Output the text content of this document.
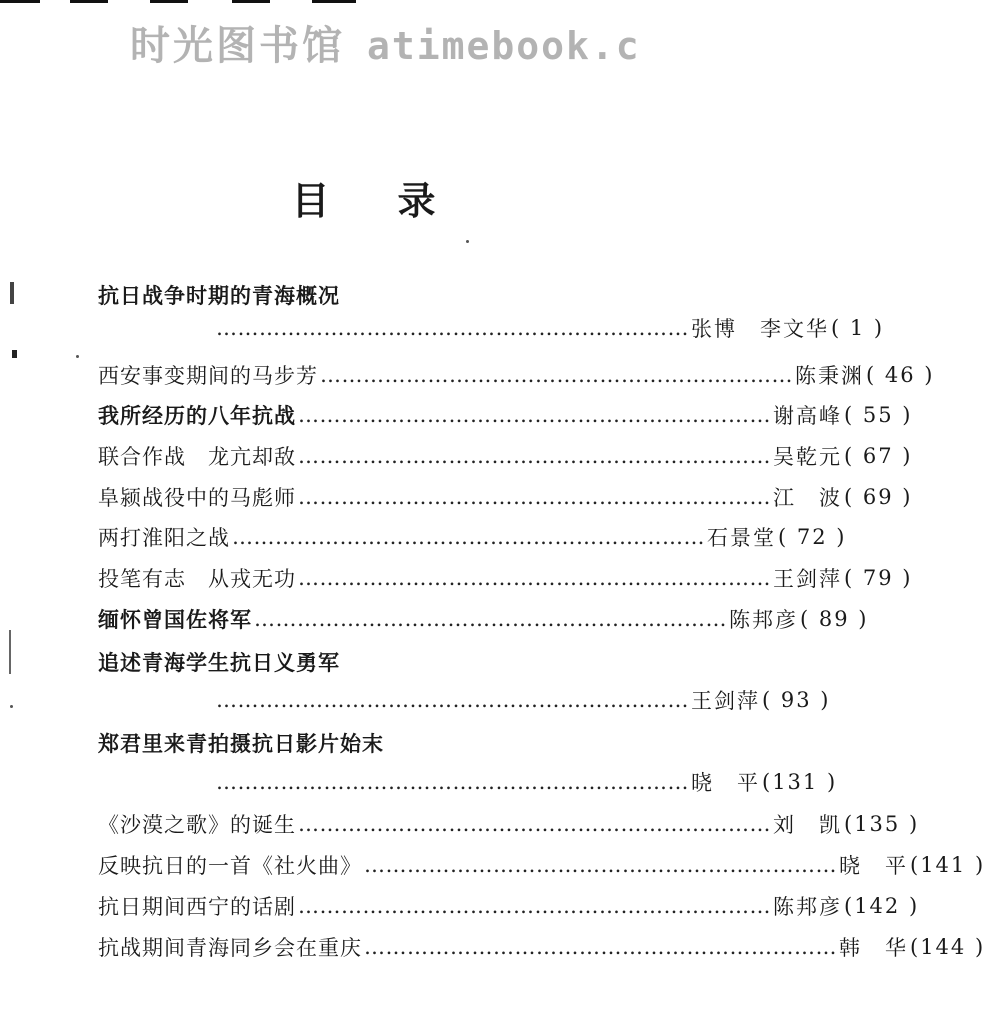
时光图书馆 atimebook.c
目录
抗日战争时期的青海概况
………………………………………………………… 张博　李文华 ( 1 )
西安事变期间的马步芳 ………………………………………………………… 陈秉渊 ( 46 )
我所经历的八年抗战 ………………………………………………………… 谢高峰 ( 55 )
联合作战　龙亢却敌 ………………………………………………………… 吴乾元 ( 67 )
阜颍战役中的马彪师 ………………………………………………………… 江　波 ( 69 )
两打淮阳之战 ………………………………………………………… 石景堂 ( 72 )
投笔有志　从戎无功 ………………………………………………………… 王剑萍 ( 79 )
缅怀曾国佐将军 ………………………………………………………… 陈邦彦 ( 89 )
追述青海学生抗日义勇军
………………………………………………………… 王剑萍 ( 93 )
郑君里来青拍摄抗日影片始末
………………………………………………………… 晓　平 (131 )
《沙漠之歌》的诞生 ………………………………………………………… 刘　凯 (135 )
反映抗日的一首《社火曲》 ………………………………………………………… 晓　平 (141 )
抗日期间西宁的话剧 ………………………………………………………… 陈邦彦 (142 )
抗战期间青海同乡会在重庆 ………………………………………………………… 韩　华 (144 )
